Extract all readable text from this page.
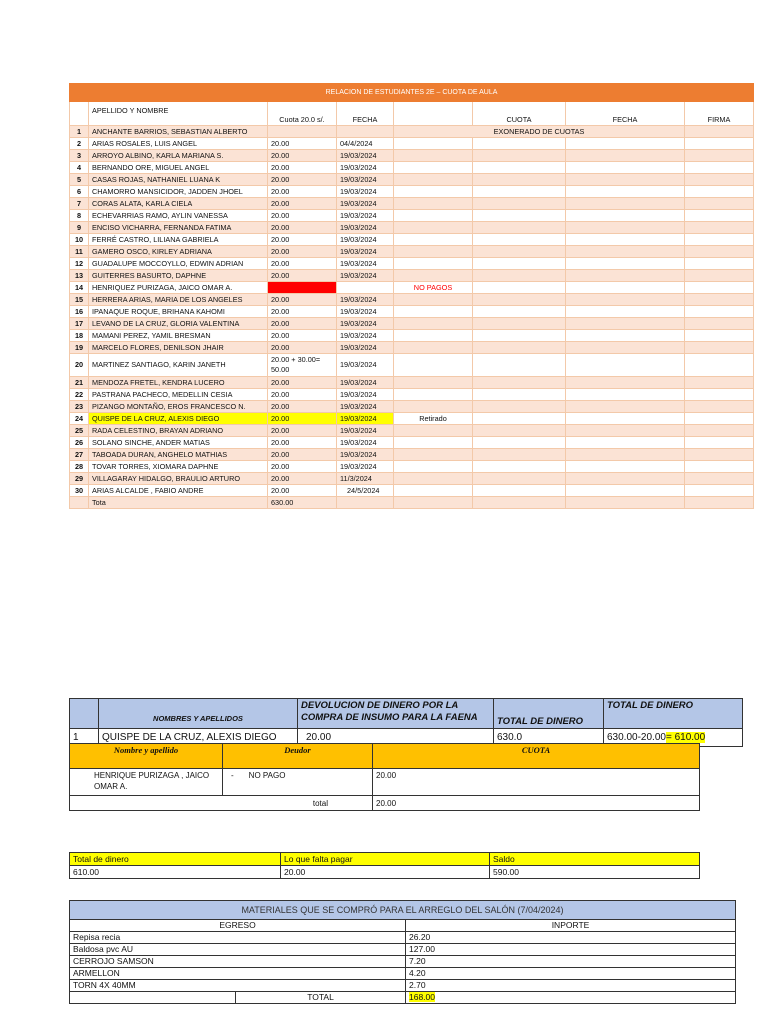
RELACION DE ESTUDIANTES 2E – CUOTA DE AULA							
	APELLIDO Y NOMBRE	Cuota 20.0 s/.	FECHA		CUOTA	FECHA	FIRMA
1	ANCHANTE BARRIOS, SEBASTIAN ALBERTO			EXONERADO DE CUOTAS			
2	ARIAS ROSALES, LUIS ANGEL	20.00	04/4/2024				
3	ARROYO ALBINO, KARLA MARIANA S.	20.00	19/03/2024				
4	BERNANDO ORE, MIGUEL ANGEL	20.00	19/03/2024				
5	CASAS ROJAS, NATHANIEL LUANA K	20.00	19/03/2024				
6	CHAMORRO MANSICIDOR, JADDEN JHOEL	20.00	19/03/2024				
7	CORAS ALATA, KARLA CIELA	20.00	19/03/2024				
8	ECHEVARRIAS RAMO, AYLIN VANESSA	20.00	19/03/2024				
9	ENCISO VICHARRA, FERNANDA FATIMA	20.00	19/03/2024				
10	FERRÉ CASTRO, LILIANA GABRIELA	20.00	19/03/2024				
11	GAMERO OSCO, KIRLEY ADRIANA	20.00	19/03/2024				
12	GUADALUPE MOCCOYLLO, EDWIN ADRIAN	20.00	19/03/2024				
13	GUITERRES BASURTO, DAPHNE	20.00	19/03/2024				
14	HENRIQUEZ PURIZAGA, JAICO OMAR A.			NO PAGOS			
15	HERRERA ARIAS, MARIA DE LOS ANGELES	20.00	19/03/2024				
16	IPANAQUE ROQUE, BRIHANA KAHOMI	20.00	19/03/2024				
17	LEVANO DE LA CRUZ, GLORIA VALENTINA	20.00	19/03/2024				
18	MAMANI PEREZ, YAMIL BRESMAN	20.00	19/03/2024				
19	MARCELO FLORES, DENILSON JHAIR	20.00	19/03/2024				
20	MARTINEZ SANTIAGO, KARIN JANETH	20.00 + 30.00= 50.00	19/03/2024				
21	MENDOZA FRETEL, KENDRA LUCERO	20.00	19/03/2024				
22	PASTRANA PACHECO, MEDELLIN CESIA	20.00	19/03/2024				
23	PIZANGO MONTAÑO, EROS FRANCESCO N.	20.00	19/03/2024				
24	QUISPE DE LA CRUZ, ALEXIS DIEGO	20.00	19/03/2024	Retirado			
25	RADA CELESTINO, BRAYAN ADRIANO	20.00	19/03/2024				
26	SOLANO SINCHE, ANDER MATIAS	20.00	19/03/2024				
27	TABOADA DURAN, ANGHELO MATHIAS	20.00	19/03/2024				
28	TOVAR TORRES, XIOMARA DAPHNE	20.00	19/03/2024				
29	VILLAGARAY HIDALGO, BRAULIO ARTURO	20.00	11/3/2024				
30	ARIAS ALCALDE , FABIO ANDRE	20.00	24/5/2024				
	Tota	630.00					
	NOMBRES Y APELLIDOS	DEVOLUCION DE DINERO POR LA COMPRA DE INSUMO PARA LA FAENA	TOTAL DE DINERO	TOTAL DE DINERO
1	QUISPE DE LA CRUZ, ALEXIS DIEGO	20.00	630.0	630.00-20.00= 610.00
Nombre y apellido	Deudor	CUOTA
HENRIQUE PURIZAGA , JAICO OMAR A.	- NO PAGO	20.00
	total	20.00
Total de dinero	Lo que falta pagar	Saldo
610.00	20.00	590.00
MATERIALES QUE SE COMPRÓ PARA EL ARREGLO DEL SALÓN (7/04/2024)		
EGRESO		INPORTE
Repisa recia		26.20
Baldosa pvc AU		127.00
CERROJO SAMSON		7.20
ARMELLON		4.20
TORN 4X 40MM		2.70
	TOTAL	168.00
